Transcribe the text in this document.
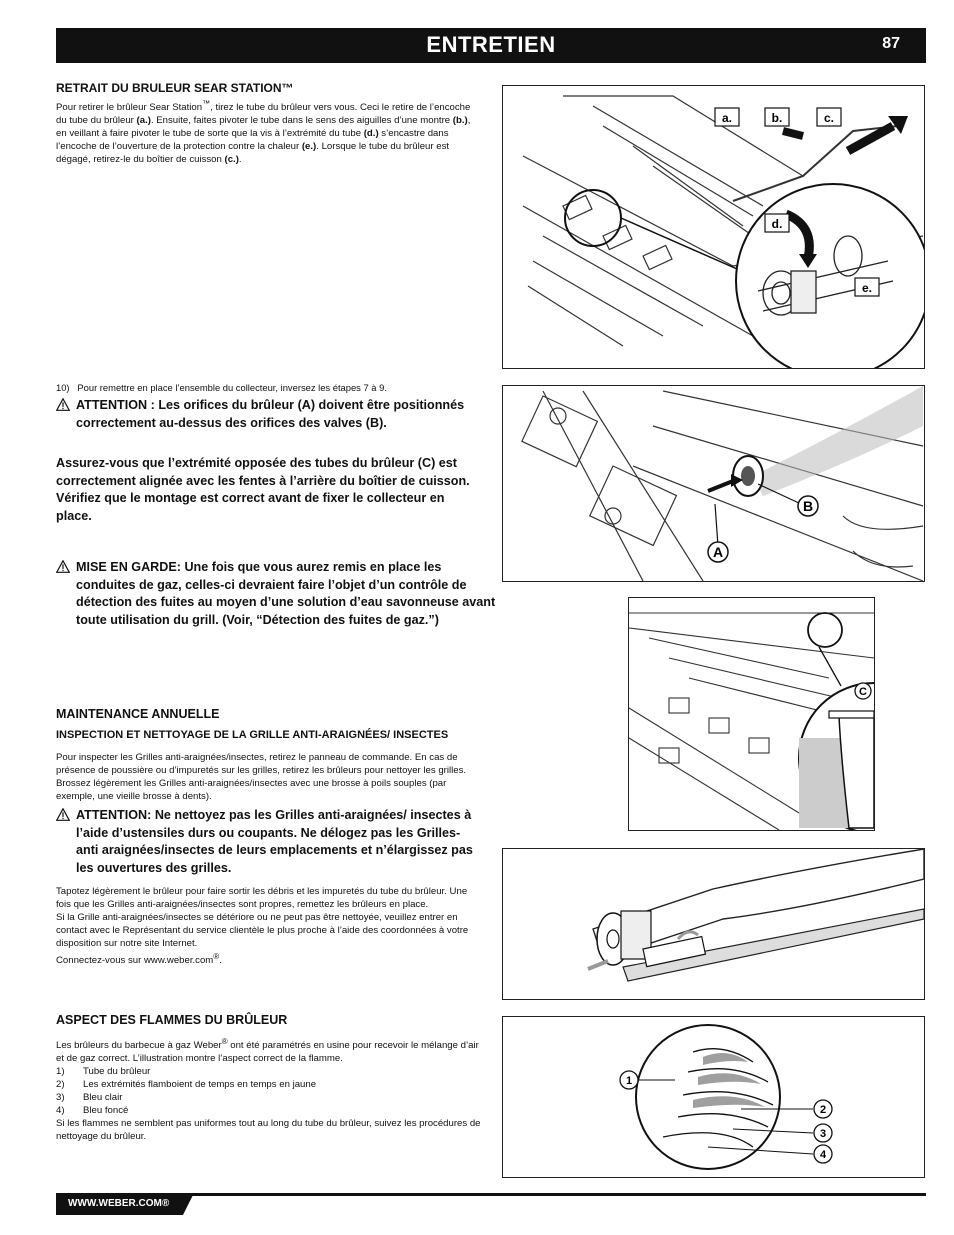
ENTRETIEN	87

RETRAIT DU BRULEUR SEAR STATION™

Pour retirer le brûleur Sear Station™, tirez le tube du brûleur vers vous. Ceci le retire de l’encoche du tube du brûleur (a.). Ensuite, faites pivoter le tube dans le sens des aiguilles d’une montre (b.), en veillant à faire pivoter le tube de sorte que la vis à l’extrémité du tube (d.) s’encastre dans l’encoche de l’ouverture de la protection contre la chaleur (e.). Lorsque le tube du brûleur est dégagé, retirez-le du boîtier de cuisson (c.).

10) Pour remettre en place l’ensemble du collecteur, inversez les étapes 7 à 9.

ATTENTION : Les orifices du brûleur (A) doivent être positionnés correctement au-dessus des orifices des valves (B).

Assurez-vous que l’extrémité opposée des tubes du brûleur (C) est correctement alignée avec les fentes à l’arrière du boîtier de cuisson. Vérifiez que le montage est correct avant de fixer le collecteur en place.

MISE EN GARDE: Une fois que vous aurez remis en place les conduites de gaz, celles-ci devraient faire l’objet d’un contrôle de détection des fuites au moyen d’une solution d’eau savonneuse avant toute utilisation du grill. (Voir, “Détection des fuites de gaz.”)

MAINTENANCE ANNUELLE

INSPECTION ET NETTOYAGE DE LA GRILLE ANTI-ARAIGNÉES/ INSECTES

Pour inspecter les Grilles anti-araignées/insectes, retirez le panneau de commande. En cas de présence de poussière ou d’impuretés sur les grilles, retirez les brûleurs pour nettoyer les grilles.

Brossez légèrement les Grilles anti-araignées/insectes avec une brosse à poils souples (par exemple, une vieille brosse à dents).

ATTENTION: Ne nettoyez pas les Grilles anti-araignées/ insectes à l’aide d’ustensiles durs ou coupants. Ne délogez pas les Grilles-anti araignées/insectes de leurs emplacements et n’élargissez pas les ouvertures des grilles.

Tapotez légèrement le brûleur pour faire sortir les débris et les impuretés du tube du brûleur. Une fois que les Grilles anti-araignées/insectes sont propres, remettez les brûleurs en place.

Si la Grille anti-araignées/insectes se détériore ou ne peut pas être nettoyée, veuillez entrer en contact avec le Représentant du service clientèle le plus proche à l’aide des coordonnées à votre disposition sur notre site Internet.

Connectez-vous sur www.weber.com®.

ASPECT DES FLAMMES DU BRÛLEUR

Les brûleurs du barbecue à gaz Weber® ont été paramétrés en usine pour recevoir le mélange d’air et de gaz correct. L’illustration montre l’aspect correct de la flamme.

1)	Tube du brûleur
2)	Les extrémités flamboient de temps en temps en jaune
3)	Bleu clair
4)	Bleu foncé

Si les flammes ne semblent pas uniformes tout au long du tube du brûleur, suivez les procédures de nettoyage du brûleur.

a.	b.	c.
d.
e.
A
B
C
1
2
3
4
WWW.WEBER.COM®
